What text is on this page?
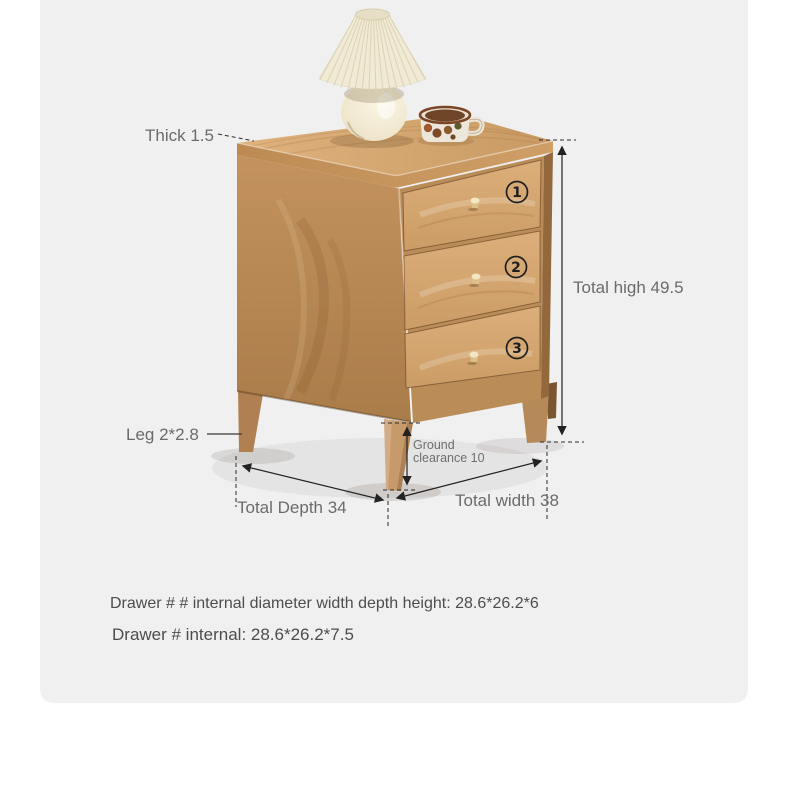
1
2
3
Thick 1.5
Total high 49.5
Leg 2*2.8
Ground
clearance 10
Total Depth 34	Total width 38
Drawer # # internal diameter width depth height: 28.6*26.2*6
Drawer # internal: 28.6*26.2*7.5
